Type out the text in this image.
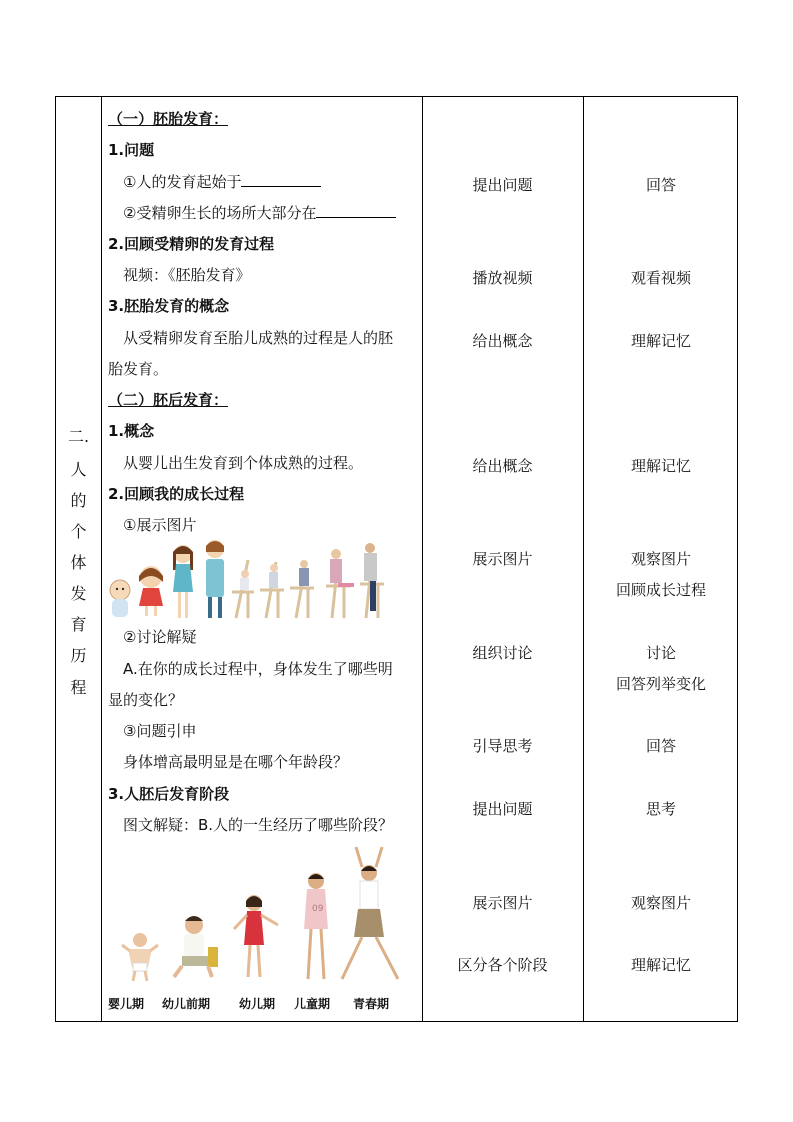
二.
人
的
个
体
发
育
历
程
（一）胚胎发育：
1.问题
①人的发育起始于
②受精卵生长的场所大部分在
2.回顾受精卵的发育过程
视频：《胚胎发育》
3.胚胎发育的概念
从受精卵发育至胎儿成熟的过程是人的胚
胎发育。
（二）胚后发育：
1.概念
从婴儿出生发育到个体成熟的过程。
2.回顾我的成长过程
①展示图片
②讨论解疑
A.在你的成长过程中，身体发生了哪些明
显的变化？
③问题引申
身体增高最明显是在哪个年龄段？
3.人胚后发育阶段
图文解疑：B.人的一生经历了哪些阶段？
09
婴儿期 幼儿前期 幼儿期 儿童期 青春期
提出问题
播放视频
给出概念
给出概念
展示图片
组织讨论
引导思考
提出问题
展示图片
区分各个阶段
回答
观看视频
理解记忆
理解记忆
观察图片
回顾成长过程
讨论
回答列举变化
回答
思考
观察图片
理解记忆
